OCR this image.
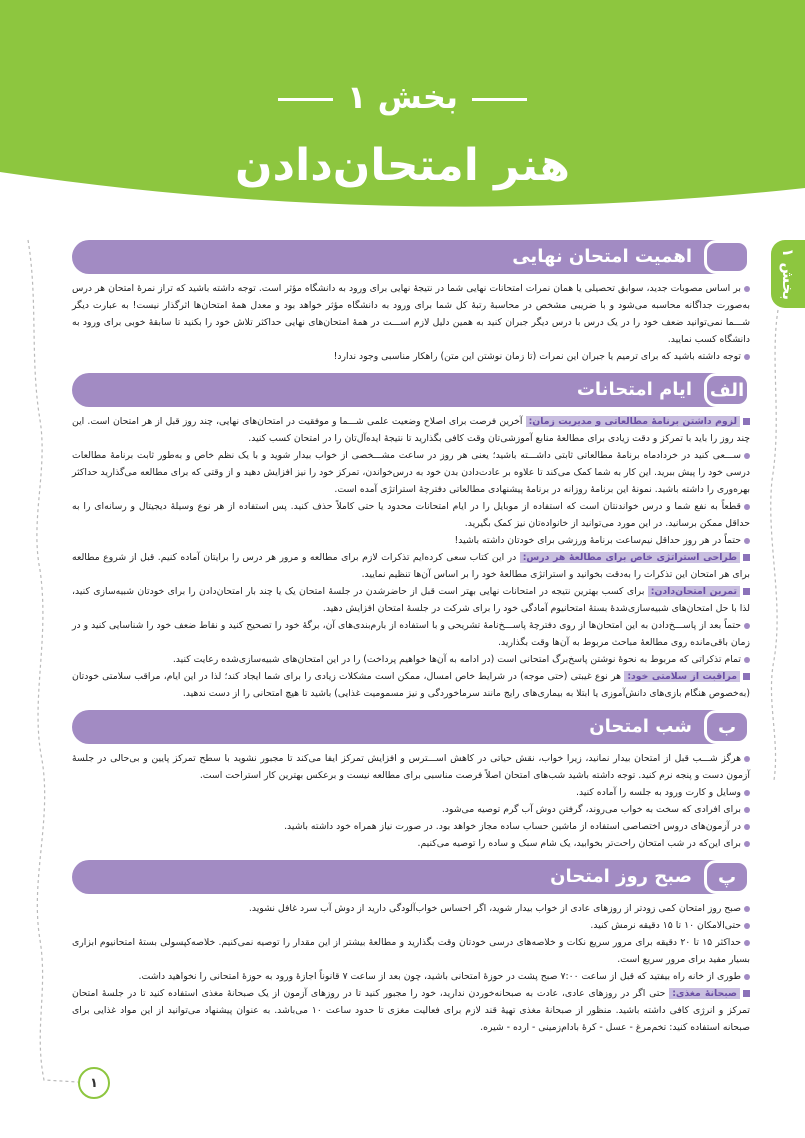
بخش ۱
هنر امتحان‌دادن
بخش ۱
اهمیت امتحان نهایی

بر اساس مصوبات جدید، سوابق تحصیلی یا همان نمرات امتحانات نهایی شما در نتیجهٔ نهایی برای ورود به دانشگاه مؤثر است. توجه داشته باشید که تراز نمرهٔ امتحان هر درس به‌صورت جداگانه محاسبه می‌شود و با ضریبی مشخص در محاسبهٔ رتبهٔ کل شما برای ورود به دانشگاه مؤثر خواهد بود و معدل همهٔ امتحان‌ها اثرگذار نیست! به عبارت دیگر شـــما نمی‌توانید ضعف خود را در یک درس با درس دیگر جبران کنید به همین دلیل لازم اســـت در همهٔ امتحان‌های نهایی حداکثر تلاش خود را بکنید تا سابقهٔ خوبی برای ورود به دانشگاه کسب نمایید.

توجه داشته باشید که برای ترمیم یا جبران این نمرات (تا زمان نوشتن این متن) راهکار مناسبی وجود ندارد!

الف
ایام امتحانات

لزوم داشتن برنامهٔ مطالعاتی و مدیریت زمان: آخرین فرصت برای اصلاح وضعیت علمی شـــما و موفقیت در امتحان‌های نهایی، چند روز قبل از هر امتحان است. این چند روز را باید با تمرکز و دقت زیادی برای مطالعهٔ منابع آموزشی‌تان وقت کافی بگذارید تا نتیجهٔ ایده‌آل‌تان را در امتحان کسب کنید.

ســـعی کنید در خردادماه برنامهٔ مطالعاتی ثابتی داشـــته باشید؛ یعنی هر روز در ساعت مشـــخصی از خواب بیدار شوید و با یک نظم خاص و به‌طور ثابت برنامهٔ مطالعات درسی خود را پیش ببرید. این کار به شما کمک می‌کند تا علاوه بر عادت‌دادن بدن خود به درس‌خواندن، تمرکز خود را نیز افزایش دهید و از وقتی که برای مطالعه می‌گذارید حداکثر بهره‌وری را داشته باشید. نمونهٔ این برنامهٔ روزانه در برنامهٔ پیشنهادی مطالعاتی دفترچهٔ استراتژی آمده است.

قطعاً به نفع شما و درس خواندنتان است که استفاده از موبایل را در ایام امتحانات محدود یا حتی کاملاً حذف کنید. پس استفاده از هر نوع وسیلهٔ دیجیتال و رسانه‌ای را به حداقل ممکن برسانید. در این مورد می‌توانید از خانواده‌تان نیز کمک بگیرید.

حتماً در هر روز حداقل نیم‌ساعت برنامهٔ ورزشی برای خودتان داشته باشید!

طراحی استراتژی خاص برای مطالعهٔ هر درس: در این کتاب سعی کرده‌ایم تذکرات لازم برای مطالعه و مرور هر درس را برایتان آماده کنیم. قبل از شروع مطالعه برای هر امتحان این تذکرات را به‌دقت بخوانید و استراتژی مطالعهٔ خود را بر اساس آن‌ها تنظیم نمایید.

تمرین امتحان‌دادن: برای کسب بهترین نتیجه در امتحانات نهایی بهتر است قبل از حاضرشدن در جلسهٔ امتحان یک یا چند بار امتحان‌دادن را برای خودتان شبیه‌سازی کنید، لذا با حل امتحان‌های شبیه‌سازی‌شدهٔ بستهٔ امتحانیوم آمادگی خود را برای شرکت در جلسهٔ امتحان افزایش دهید.

حتماً بعد از پاســـخ‌دادن به این امتحان‌ها از روی دفترچهٔ پاســـخ‌نامهٔ تشریحی و با استفاده از بارم‌بندی‌های آن، برگهٔ خود را تصحیح کنید و نقاط ضعف خود را شناسایی کنید و در زمان باقی‌مانده روی مطالعهٔ مباحث مربوط به آن‌ها وقت بگذارید.

تمام تذکراتی که مربوط به نحوهٔ نوشتن پاسخ‌برگ امتحانی است (در ادامه به آن‌ها خواهیم پرداخت) را در این امتحان‌های شبیه‌سازی‌شده رعایت کنید.

مراقبت از سلامتی خود: هر نوع غیبتی (حتی موجه) در شرایط خاص امسال، ممکن است مشکلات زیادی را برای شما ایجاد کند؛ لذا در این ایام، مراقب سلامتی خودتان (به‌خصوص هنگام بازی‌های دانش‌آموزی یا ابتلا به بیماری‌های رایج مانند سرماخوردگی و نیز مسمومیت غذایی) باشید تا هیچ امتحانی را از دست ندهید.

ب
شب امتحان

هرگز شـــب قبل از امتحان بیدار نمانید، زیرا خواب، نقش حیاتی در کاهش اســـترس و افزایش تمرکز ایفا می‌کند تا مجبور نشوید با سطح تمرکز پایین و بی‌حالی در جلسهٔ آزمون دست و پنجه نرم کنید. توجه داشته باشید شب‌های امتحان اصلاً فرصت مناسبی برای مطالعه نیست و برعکس بهترین کار استراحت است.

وسایل و کارت ورود به جلسه را آماده کنید.

برای افرادی که سخت به خواب می‌روند، گرفتن دوش آب گرم توصیه می‌شود.

در آزمون‌های دروس اختصاصی استفاده از ماشین حساب ساده مجاز خواهد بود. در صورت نیاز همراه خود داشته باشید.

برای این‌که در شب امتحان راحت‌تر بخوابید، یک شام سبک و ساده را توصیه می‌کنیم.

پ
صبح روز امتحان

صبح روز امتحان کمی زودتر از روزهای عادی از خواب بیدار شوید، اگر احساس خواب‌آلودگی دارید از دوش آب سرد غافل نشوید.

حتی‌الامکان ۱۰ تا ۱۵ دقیقه نرمش کنید.

حداکثر ۱۵ تا ۲۰ دقیقه برای مرور سریع نکات و خلاصه‌های درسی خودتان وقت بگذارید و مطالعهٔ بیشتر از این مقدار را توصیه نمی‌کنیم. خلاصه‌کپسولی بستهٔ امتحانیوم ابزاری بسیار مفید برای مرور سریع است.

طوری از خانه راه بیفتید که قبل از ساعت ۷:۰۰ صبح پشت در حوزهٔ امتحانی باشید، چون بعد از ساعت ۷ قانوناً اجازهٔ ورود به حوزهٔ امتحانی را نخواهید داشت.

صبحانهٔ مغذی: حتی اگر در روزهای عادی، عادت به صبحانه‌خوردن ندارید، خود را مجبور کنید تا در روزهای آزمون از یک صبحانهٔ مغذی استفاده کنید تا در جلسهٔ امتحان تمرکز و انرژی کافی داشته باشید. منظور از صبحانهٔ مغذی تهیهٔ قند لازم برای فعالیت مغزی تا حدود ساعت ۱۰ می‌باشد. به عنوان پیشنهاد می‌توانید از این مواد غذایی برای صبحانه استفاده کنید: تخم‌مرغ - عسل - کرهٔ بادام‌زمینی - ارده - شیره.

۱
